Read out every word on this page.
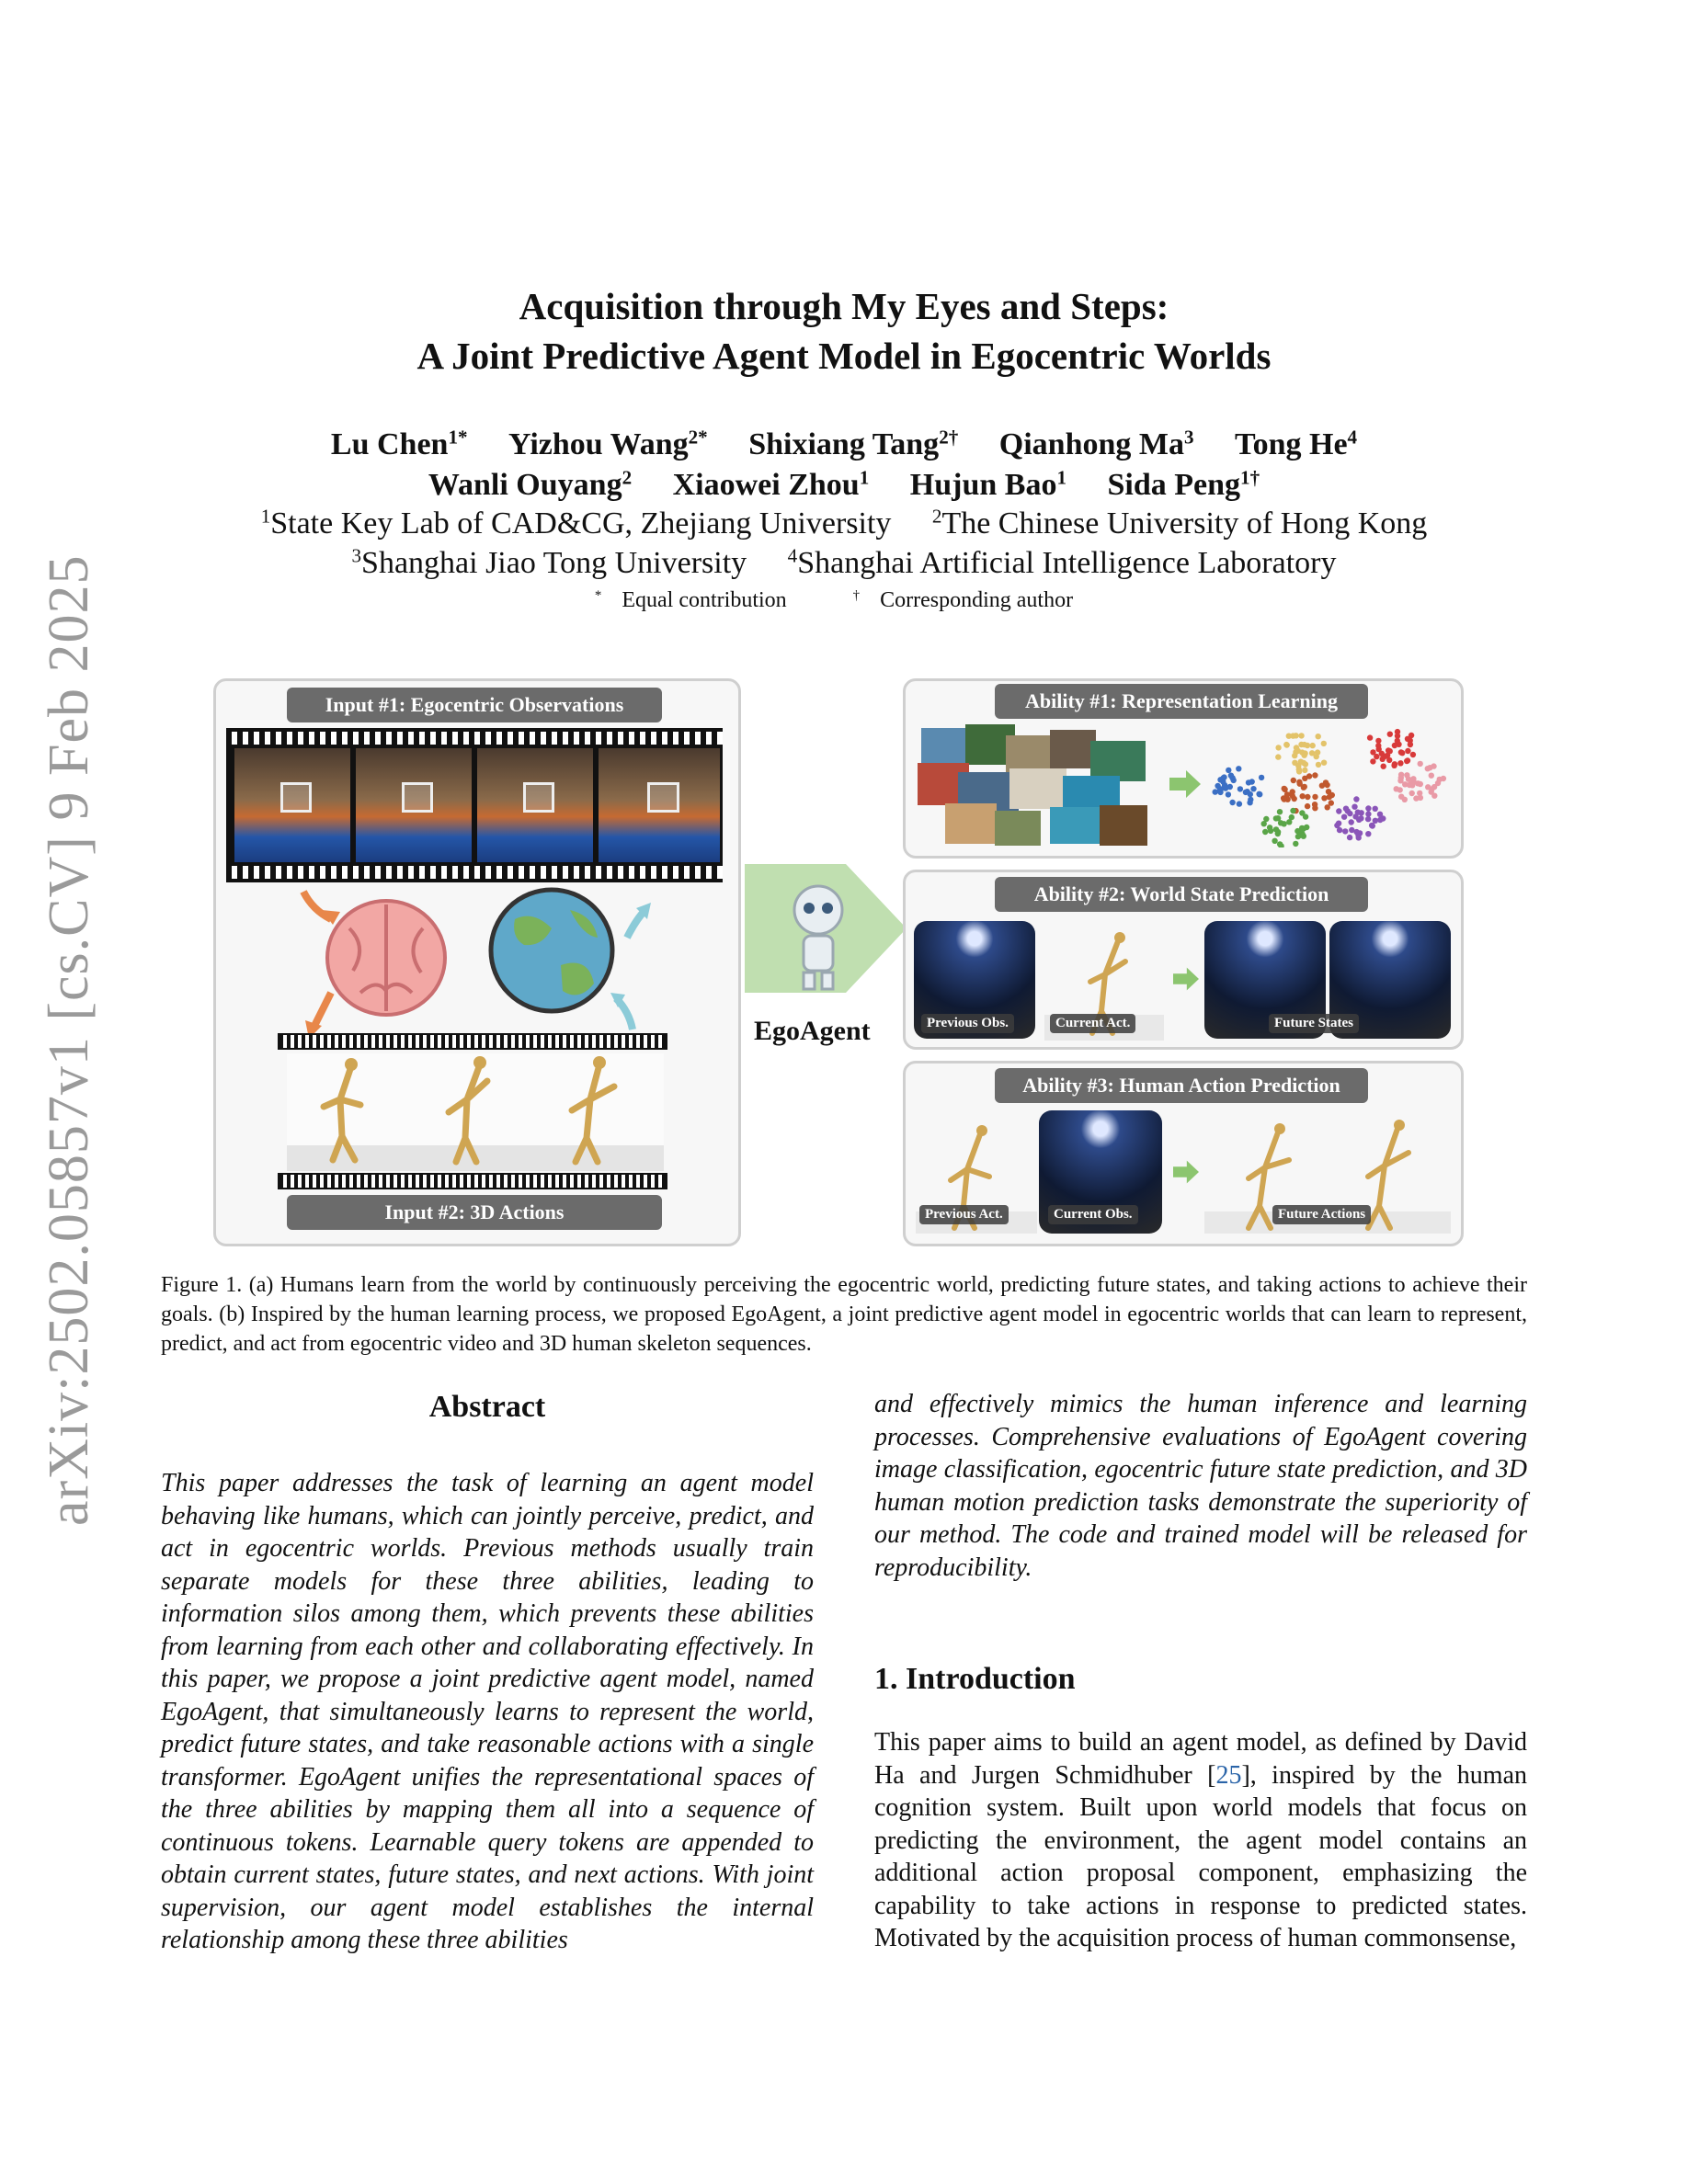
arXiv:2502.05857v1 [cs.CV] 9 Feb 2025
Acquisition through My Eyes and Steps:
A Joint Predictive Agent Model in Egocentric Worlds
Lu Chen$^{1*}$ Yizhou Wang$^{2*}$ Shixiang Tang$^{2\dagger}$ Qianhong Ma$^3$ Tong He$^4$
Wanli Ouyang$^2$ Xiaowei Zhou$^1$ Hujun Bao$^1$ Sida Peng$^{1\dagger}$
$^1$State Key Lab of CAD&CG, Zhejiang University $^2$The Chinese University of Hong Kong
$^3$Shanghai Jiao Tong University $^4$Shanghai Artificial Intelligence Laboratory
* Equal contribution	† Corresponding author
Input #1: Egocentric Observations
Input #2: 3D Actions
EgoAgent
Ability #1: Representation Learning
Ability #2: World State Prediction
Previous Obs.	Current Act.	Future States
Ability #3: Human Action Prediction
Previous Act.	Current Obs.	Future Actions
Figure 1. (a) Humans learn from the world by continuously perceiving the egocentric world, predicting future states, and taking actions to achieve their goals. (b) Inspired by the human learning process, we proposed EgoAgent, a joint predictive agent model in egocentric worlds that can learn to represent, predict, and act from egocentric video and 3D human skeleton sequences.
Abstract
This paper addresses the task of learning an agent model behaving like humans, which can jointly perceive, predict, and act in egocentric worlds. Previous methods usually train separate models for these three abilities, leading to information silos among them, which prevents these abilities from learning from each other and collaborating effectively. In this paper, we propose a joint predictive agent model, named EgoAgent, that simultaneously learns to represent the world, predict future states, and take reasonable actions with a single transformer. EgoAgent unifies the representational spaces of the three abilities by mapping them all into a sequence of continuous tokens. Learnable query tokens are appended to obtain current states, future states, and next actions. With joint supervision, our agent model establishes the internal relationship among these three abilities
and effectively mimics the human inference and learning processes. Comprehensive evaluations of EgoAgent covering image classification, egocentric future state prediction, and 3D human motion prediction tasks demonstrate the superiority of our method. The code and trained model will be released for reproducibility.
1. Introduction
This paper aims to build an agent model, as defined by David Ha and Jurgen Schmidhuber [25], inspired by the human cognition system. Built upon world models that focus on predicting the environment, the agent model contains an additional action proposal component, emphasizing the capability to take actions in response to predicted states. Motivated by the acquisition process of human commonsense,
